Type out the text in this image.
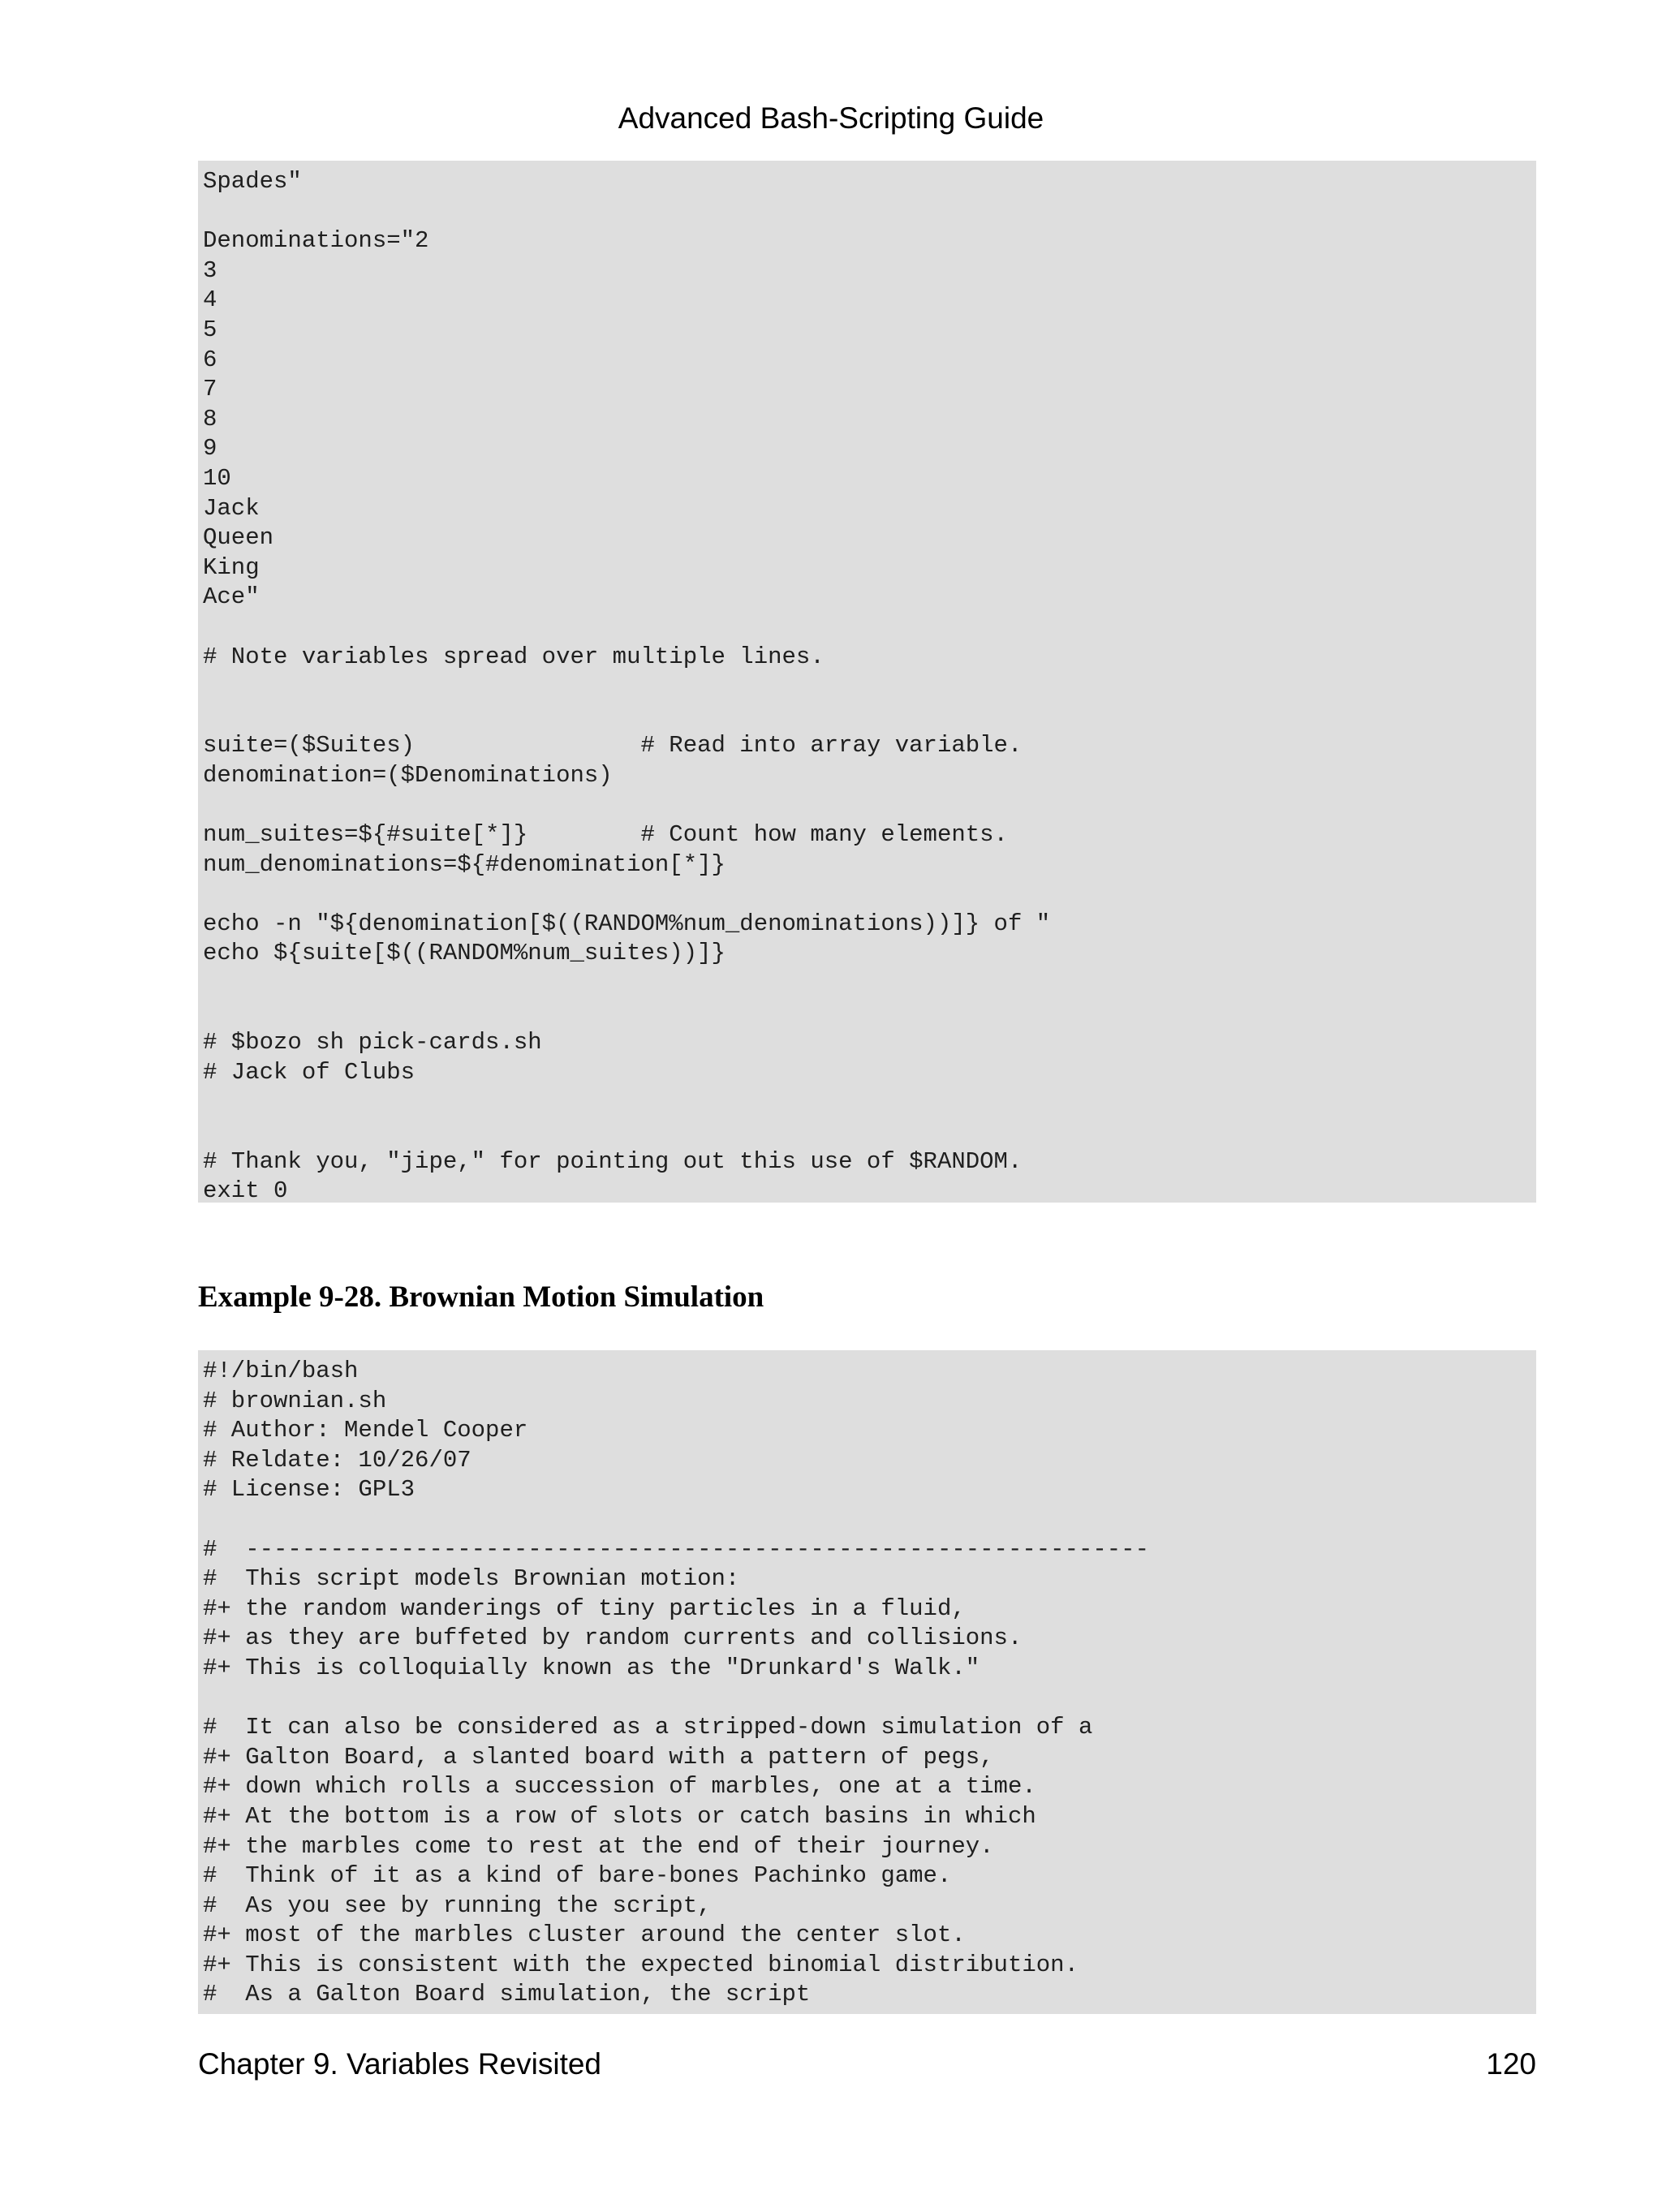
Advanced Bash-Scripting Guide
Spades"
Denominations="2
3
4
5
6
7
8
9
10
Jack
Queen
King
Ace"
# Note variables spread over multiple lines.
suite=($Suites)                # Read into array variable.
denomination=($Denominations)
num_suites=${#suite[*]}        # Count how many elements.
num_denominations=${#denomination[*]}
echo -n "${denomination[$((RANDOM%num_denominations))]} of "
echo ${suite[$((RANDOM%num_suites))]}
# $bozo sh pick-cards.sh
# Jack of Clubs
# Thank you, "jipe," for pointing out this use of $RANDOM.
exit 0
Example 9-28. Brownian Motion Simulation
#!/bin/bash
# brownian.sh
# Author: Mendel Cooper
# Reldate: 10/26/07
# License: GPL3
#  ----------------------------------------------------------------
#  This script models Brownian motion:
#+ the random wanderings of tiny particles in a fluid,
#+ as they are buffeted by random currents and collisions.
#+ This is colloquially known as the "Drunkard's Walk."
#  It can also be considered as a stripped-down simulation of a
#+ Galton Board, a slanted board with a pattern of pegs,
#+ down which rolls a succession of marbles, one at a time.
#+ At the bottom is a row of slots or catch basins in which
#+ the marbles come to rest at the end of their journey.
#  Think of it as a kind of bare-bones Pachinko game.
#  As you see by running the script,
#+ most of the marbles cluster around the center slot.
#+ This is consistent with the expected binomial distribution.
#  As a Galton Board simulation, the script
Chapter 9. Variables Revisited	120
